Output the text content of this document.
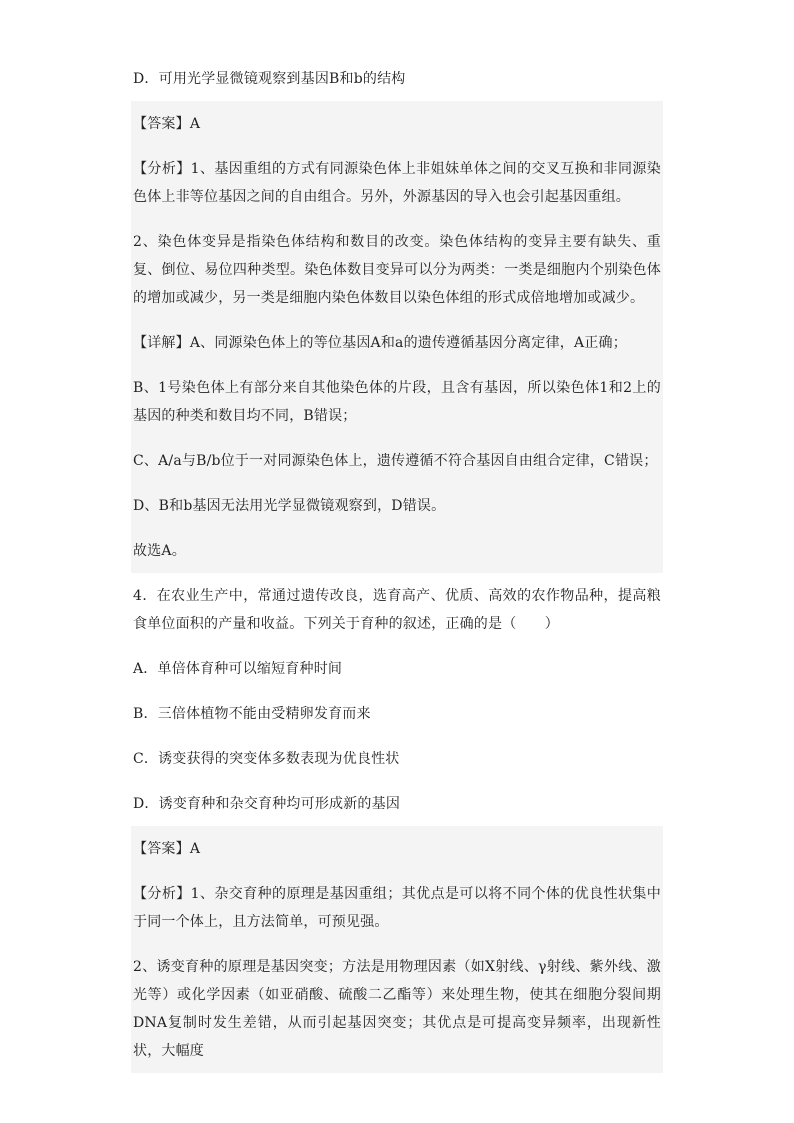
D．可用光学显微镜观察到基因B和b的结构

【答案】A

【分析】1、基因重组的方式有同源染色体上非姐妹单体之间的交叉互换和非同源染色体上非等位基因之间的自由组合。另外，外源基因的导入也会引起基因重组。

2、染色体变异是指染色体结构和数目的改变。染色体结构的变异主要有缺失、重复、倒位、易位四种类型。染色体数目变异可以分为两类：一类是细胞内个别染色体的增加或减少，另一类是细胞内染色体数目以染色体组的形式成倍地增加或减少。

【详解】A、同源染色体上的等位基因A和a的遗传遵循基因分离定律，A正确；

B、1号染色体上有部分来自其他染色体的片段，且含有基因，所以染色体1和2上的基因的种类和数目均不同，B错误；

C、A/a与B/b位于一对同源染色体上，遗传遵循不符合基因自由组合定律，C错误；

D、B和b基因无法用光学显微镜观察到，D错误。

故选A。

4．在农业生产中，常通过遗传改良，选育高产、优质、高效的农作物品种，提高粮食单位面积的产量和收益。下列关于育种的叙述，正确的是（　　）

A．单倍体育种可以缩短育种时间

B．三倍体植物不能由受精卵发育而来

C．诱变获得的突变体多数表现为优良性状

D．诱变育种和杂交育种均可形成新的基因

【答案】A

【分析】1、杂交育种的原理是基因重组；其优点是可以将不同个体的优良性状集中于同一个体上，且方法简单，可预见强。

2、诱变育种的原理是基因突变；方法是用物理因素（如X射线、γ射线、紫外线、激光等）或化学因素（如亚硝酸、硫酸二乙酯等）来处理生物，使其在细胞分裂间期DNA复制时发生差错，从而引起基因突变；其优点是可提高变异频率，出现新性状，大幅度
